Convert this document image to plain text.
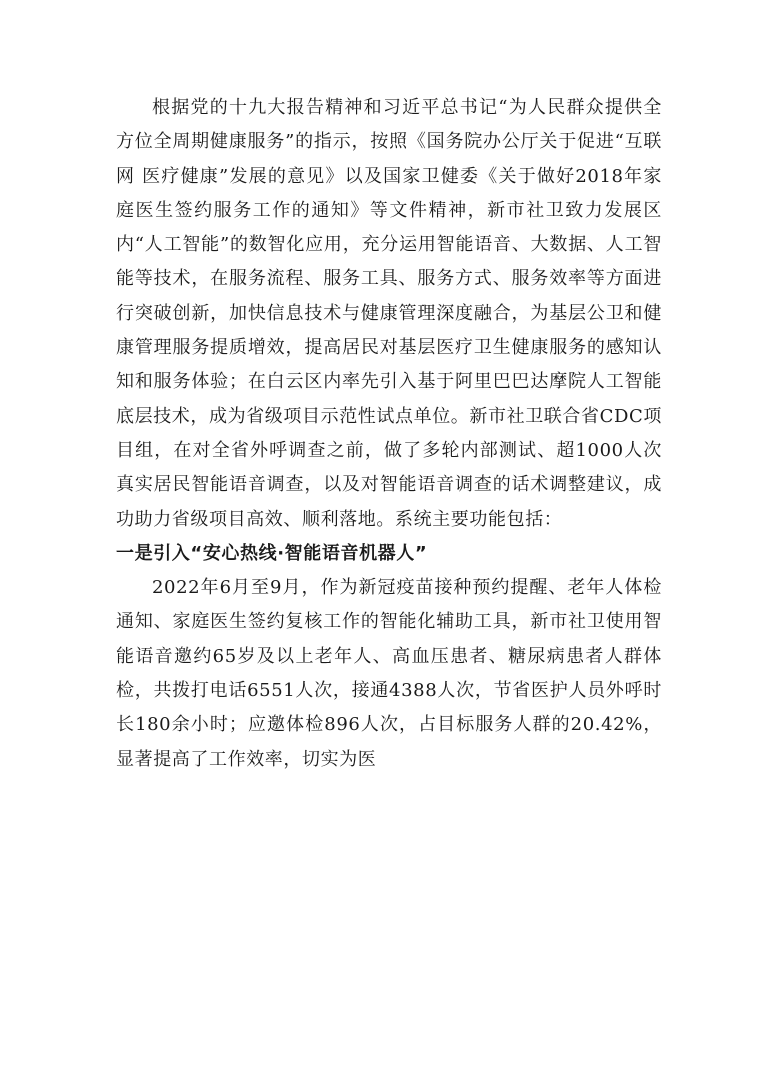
根据党的十九大报告精神和习近平总书记“为人民群众提供全方位全周期健康服务”的指示，按照《国务院办公厅关于促进“互联网 医疗健康”发展的意见》以及国家卫健委《关于做好2018年家庭医生签约服务工作的通知》等文件精神，新市社卫致力发展区内“人工智能”的数智化应用，充分运用智能语音、大数据、人工智能等技术，在服务流程、服务工具、服务方式、服务效率等方面进行突破创新，加快信息技术与健康管理深度融合，为基层公卫和健康管理服务提质增效，提高居民对基层医疗卫生健康服务的感知认知和服务体验；在白云区内率先引入基于阿里巴巴达摩院人工智能底层技术，成为省级项目示范性试点单位。新市社卫联合省CDC项目组，在对全省外呼调查之前，做了多轮内部测试、超1000人次真实居民智能语音调查，以及对智能语音调查的话术调整建议，成功助力省级项目高效、顺利落地。系统主要功能包括：

一是引入“安心热线·智能语音机器人”

2022年6月至9月，作为新冠疫苗接种预约提醒、老年人体检通知、家庭医生签约复核工作的智能化辅助工具，新市社卫使用智能语音邀约65岁及以上老年人、高血压患者、糖尿病患者人群体检，共拨打电话6551人次，接通4388人次，节省医护人员外呼时长180余小时；应邀体检896人次，占目标服务人群的20.42%，显著提高了工作效率，切实为医
